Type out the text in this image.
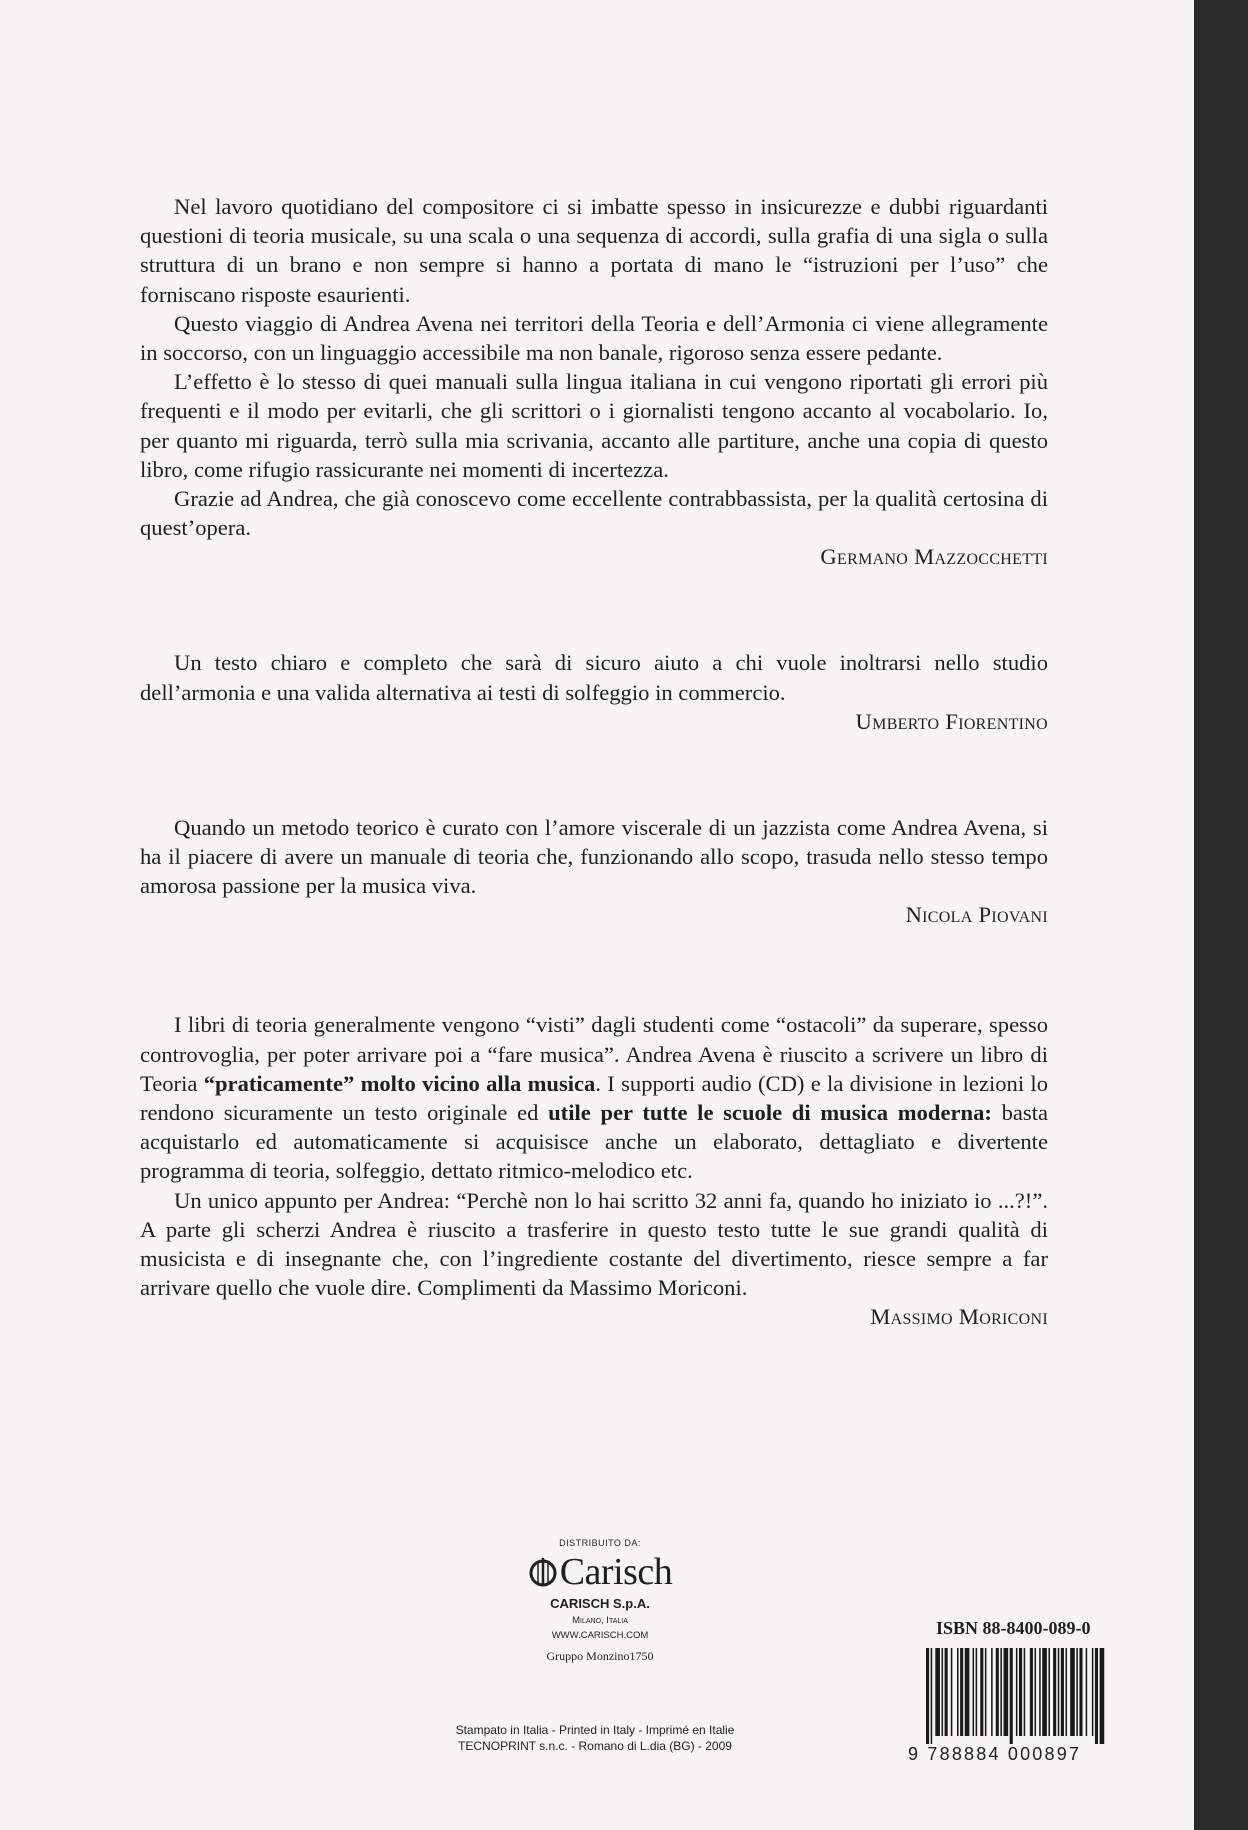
Nel lavoro quotidiano del compositore ci si imbatte spesso in insicurezze e dubbi riguardanti questioni di teoria musicale, su una scala o una sequenza di accordi, sulla grafia di una sigla o sulla struttura di un brano e non sempre si hanno a portata di mano le “istruzioni per l’uso” che forniscano risposte esaurienti.

Questo viaggio di Andrea Avena nei territori della Teoria e dell’Armonia ci viene allegramente in soccorso, con un linguaggio accessibile ma non banale, rigoroso senza essere pedante.

L’effetto è lo stesso di quei manuali sulla lingua italiana in cui vengono riportati gli errori più frequenti e il modo per evitarli, che gli scrittori o i giornalisti tengono accanto al vocabolario. Io, per quanto mi riguarda, terrò sulla mia scrivania, accanto alle partiture, anche una copia di questo libro, come rifugio rassicurante nei momenti di incertezza.

Grazie ad Andrea, che già conoscevo come eccellente contrabbassista, per la qualità certosina di quest’opera.

Germano Mazzocchetti

Un testo chiaro e completo che sarà di sicuro aiuto a chi vuole inoltrarsi nello studio dell’armonia e una valida alternativa ai testi di solfeggio in commercio.

Umberto Fiorentino

Quando un metodo teorico è curato con l’amore viscerale di un jazzista come Andrea Avena, si ha il piacere di avere un manuale di teoria che, funzionando allo scopo, trasuda nello stesso tempo amorosa passione per la musica viva.

Nicola Piovani

I libri di teoria generalmente vengono “visti” dagli studenti come “ostacoli” da superare, spesso controvoglia, per poter arrivare poi a “fare musica”. Andrea Avena è riuscito a scrivere un libro di Teoria “praticamente” molto vicino alla musica. I supporti audio (CD) e la divisione in lezioni lo rendono sicuramente un testo originale ed utile per tutte le scuole di musica moderna: basta acquistarlo ed automaticamente si acquisisce anche un elaborato, dettagliato e divertente programma di teoria, solfeggio, dettato ritmico-melodico etc.

Un unico appunto per Andrea: “Perchè non lo hai scritto 32 anni fa, quando ho iniziato io ...?!”. A parte gli scherzi Andrea è riuscito a trasferire in questo testo tutte le sue grandi qualità di musicista e di insegnante che, con l’ingrediente costante del divertimento, riesce sempre a far arrivare quello che vuole dire. Complimenti da Massimo Moriconi.

Massimo Moriconi
DISTRIBUITO DA:
Carisch
CARISCH S.p.A.
Milano, Italia
WWW.CARISCH.COM
Gruppo Monzino1750
Stampato in Italia - Printed in Italy - Imprimé en Italie
TECNOPRINT s.n.c. - Romano di L.dia (BG) - 2009
ISBN 88-8400-089-0
9 788884 000897
